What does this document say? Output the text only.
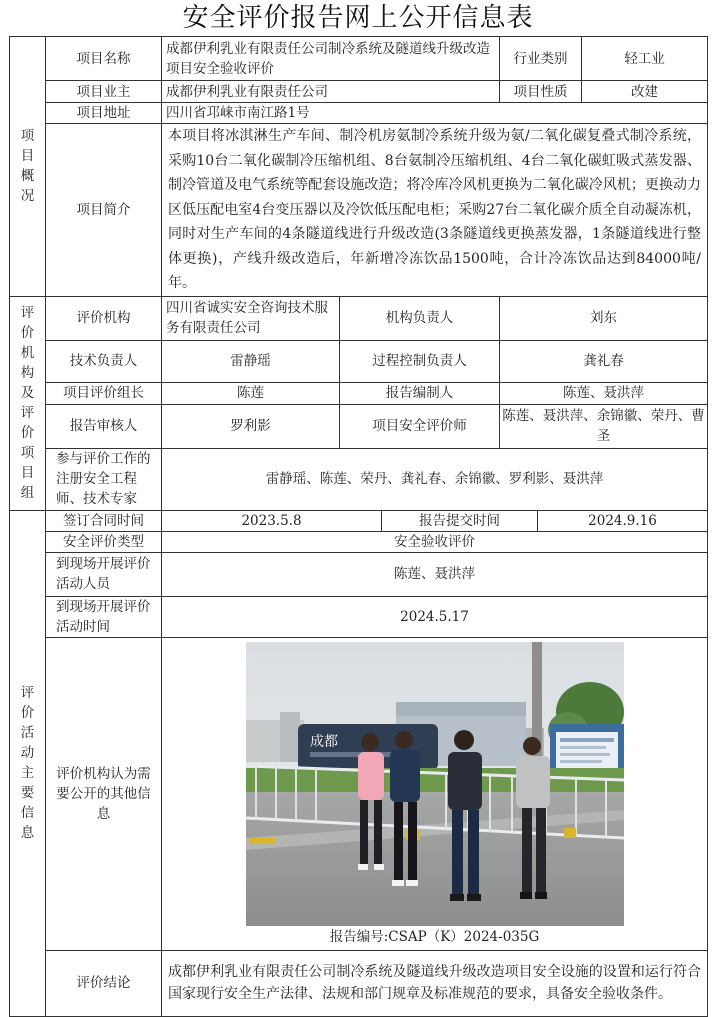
安全评价报告网上公开信息表
项目概况	项目名称	成都伊利乳业有限责任公司制冷系统及隧道线升级改造项目安全验收评价			行业类别		轻工业
	项目业主	成都伊利乳业有限责任公司			项目性质		改建
	项目地址	四川省邛崃市南江路1号					
	项目简介	本项目将冰淇淋生产车间、制冷机房氨制冷系统升级为氨/二氧化碳复叠式制冷系统，采购10台二氧化碳制冷压缩机组、8台氨制冷压缩机组、4台二氧化碳虹吸式蒸发器、制冷管道及电气系统等配套设施改造；将冷库冷风机更换为二氧化碳冷风机；更换动力区低压配电室4台变压器以及冷饮低压配电柜；采购27台二氧化碳介质全自动凝冻机，同时对生产车间的4条隧道线进行升级改造(3条隧道线更换蒸发器，1条隧道线进行整体更换)，产线升级改造后，年新增冷冻饮品1500吨，合计冷冻饮品达到84000吨/年。					

评价机构及评价项目组	评价机构	四川省诚实安全咨询技术服务有限责任公司	机构负责人		刘东		
	技术负责人	雷静瑶	过程控制负责人		龚礼春		
	项目评价组长	陈莲	报告编制人		陈莲、聂洪萍		
	报告审核人	罗利影	项目安全评价师		陈莲、聂洪萍、余锦徽、荣丹、曹圣		
	参与评价工作的注册安全工程师、技术专家	雷静瑶、陈莲、荣丹、龚礼春、余锦徽、罗利影、聂洪萍					

评价活动主要信息	签订合同时间	2023.5.8		报告提交时间		2024.9.16	
	安全评价类型	安全验收评价					
	到现场开展评价活动人员	陈莲、聂洪萍					
	到现场开展评价活动时间	2024.5.17					
	评价机构认为需要公开的其他信息	成都
报告编号:CSAP（K）2024-035G					

	评价结论	成都伊利乳业有限责任公司制冷系统及隧道线升级改造项目安全设施的设置和运行符合国家现行安全生产法律、法规和部门规章及标准规范的要求，具备安全验收条件。					
